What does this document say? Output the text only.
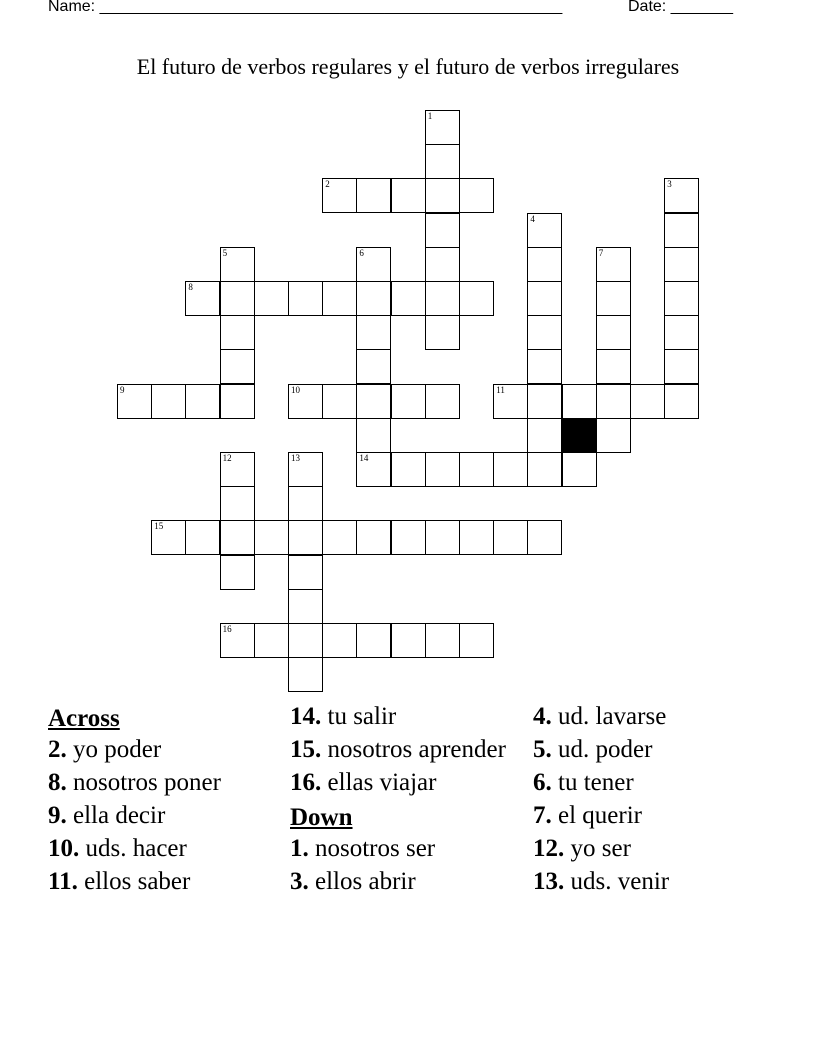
Name: ____________________________________________________	Date: _______
El futuro de verbos regulares y el futuro de verbos irregulares
1
2	3
4
5	6
14
7
8
9	10	11
12	13
15
16
Across
2. yo poder
8. nosotros poner
9. ella decir
10. uds. hacer
11. ellos saber
14. tu salir
15. nosotros aprender
16. ellas viajar
Down
1. nosotros ser
3. ellos abrir
4. ud. lavarse
5. ud. poder
6. tu tener
7. el querir
12. yo ser
13. uds. venir
